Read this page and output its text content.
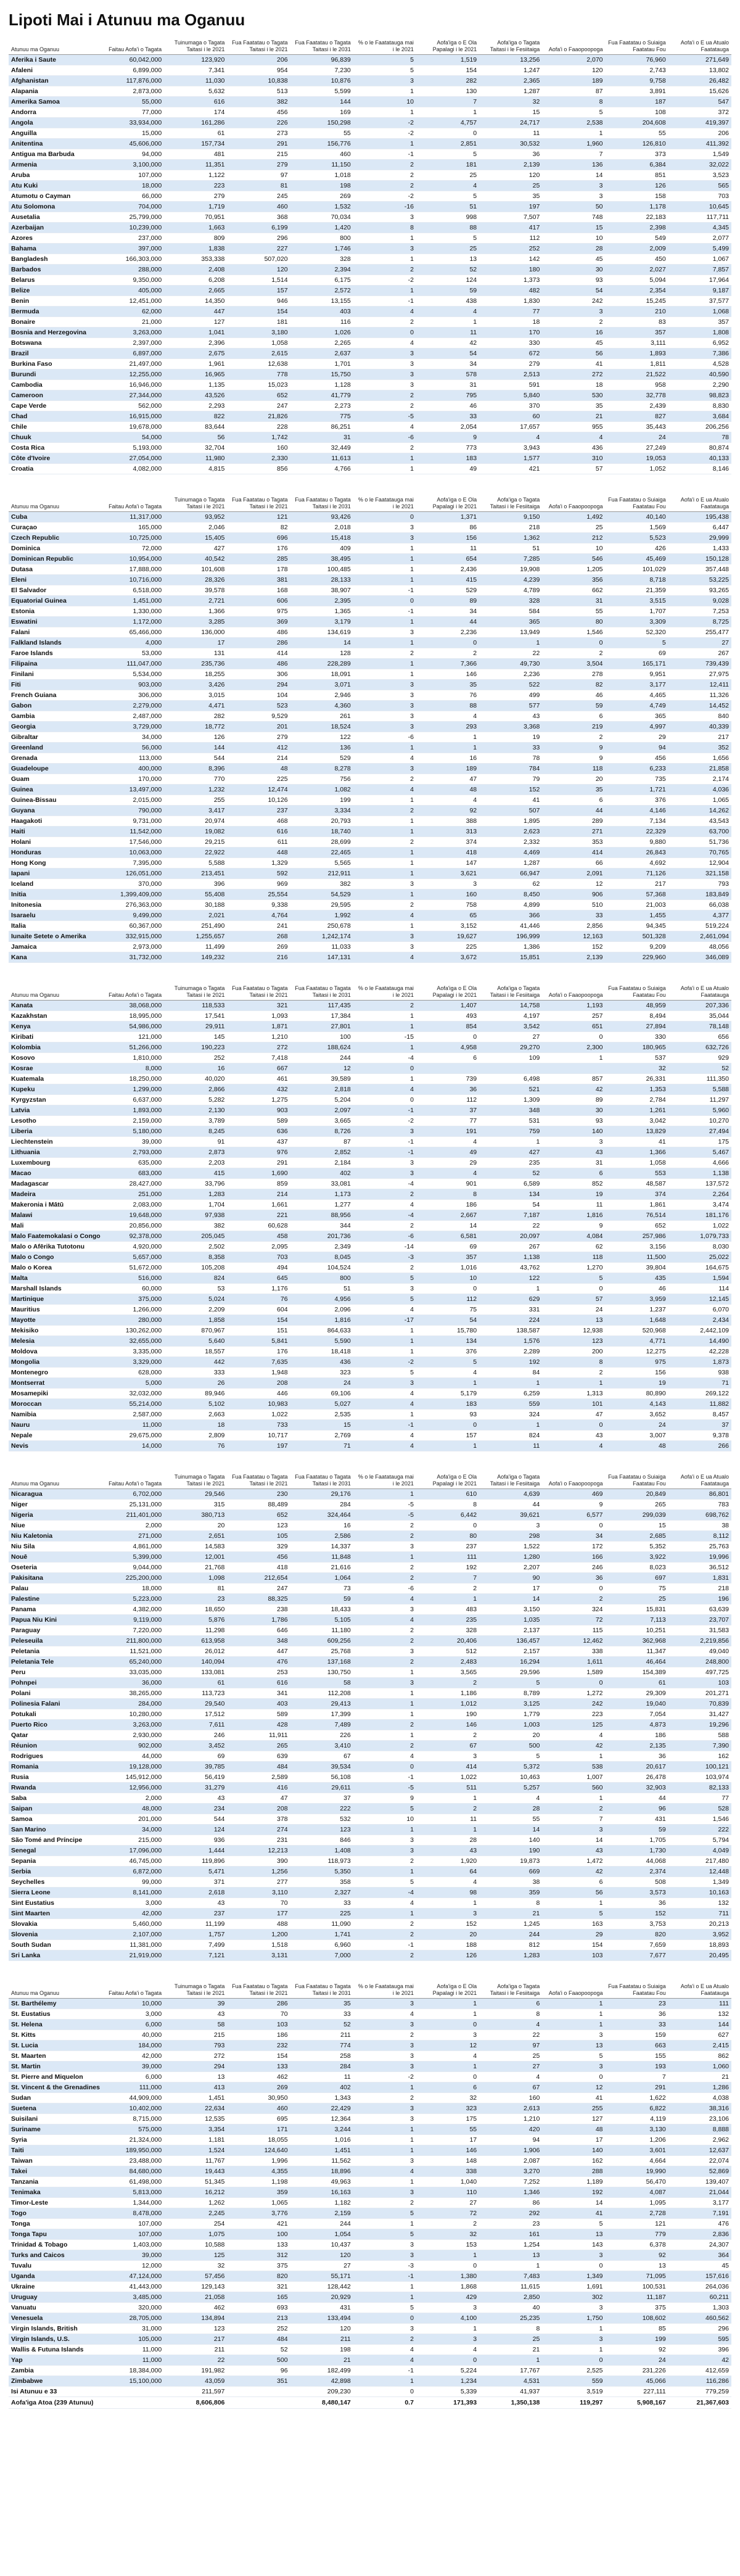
Lipoti Mai i Atunuu ma Oganuu
Atunuu ma Oganuu	Faitau Aofa'i o Tagata	Tuinumaga o Tagata Taitasi i le 2021	Fua Faatatau o Tagata Taitasi i le 2021	Fua Faatatau o Tagata Taitasi i le 2031	% o le Faatatauga mai i le 2021	Aofa'iga o E Ola Papalagi i le 2021	Aofa'iga o Tagata Taitasi i le Fesiitaiga	Aofa'i o Faaopoopoga	Fua Faatatau o Suiaiga Faatatau Fou	Aofa'i o E ua Atualo Faatatauga
Aferika i Saute	60,042,000	123,920	206	96,839	5	1,519	13,256	2,070	76,960	271,649
Afaleni	6,899,000	7,341	954	7,230	5	154	1,247	120	2,743	13,802
Afghanistan	117,876,000	11,030	10,838	10,876	3	282	2,365	189	9,758	26,482
Alapania	2,873,000	5,632	513	5,599	1	130	1,287	87	3,891	15,626
Amerika Samoa	55,000	616	382	144	10	7	32	8	187	547
Andorra	77,000	174	456	169	1	1	15	5	108	372
Angola	33,934,000	161,286	226	150,298	-2	4,757	24,717	2,538	204,608	419,397
Anguilla	15,000	61	273	55	-2	0	11	1	55	206
Anitentina	45,606,000	157,734	291	156,776	1	2,851	30,532	1,960	126,810	411,392
Antigua ma Barbuda	94,000	481	215	460	-1	5	36	7	373	1,549
Armenia	3,100,000	11,351	279	11,150	2	181	2,139	136	6,384	32,022
Aruba	107,000	1,122	97	1,018	2	25	120	14	851	3,523
Atu Kuki	18,000	223	81	198	2	4	25	3	126	565
Atumotu o Cayman	66,000	279	245	269	-2	5	35	3	158	703
Atu Solomona	704,000	1,719	460	1,532	-16	51	197	50	1,178	10,645
Ausetalia	25,799,000	70,951	368	70,034	3	998	7,507	748	22,183	117,711
Azerbaijan	10,239,000	1,663	6,199	1,420	8	88	417	15	2,398	4,345
Azores	237,000	809	296	800	1	5	112	10	549	2,077
Bahama	397,000	1,838	227	1,746	3	25	252	28	2,009	5,499
Bangladesh	166,303,000	353,338	507,020	328	1	13	142	45	450	1,067
Barbados	288,000	2,408	120	2,394	2	52	180	30	2,027	7,857
Belarus	9,350,000	6,208	1,514	6,175	-2	124	1,373	93	5,094	17,964
Belize	405,000	2,665	157	2,572	1	59	482	54	2,354	9,187
Benin	12,451,000	14,350	946	13,155	-1	438	1,830	242	15,245	37,577
Bermuda	62,000	447	154	403	4	4	77	3	210	1,068
Bonaire	21,000	127	181	116	2	1	18	2	83	357
Bosnia and Herzegovina	3,263,000	1,041	3,180	1,026	0	11	170	16	357	1,808
Botswana	2,397,000	2,396	1,058	2,265	4	42	330	45	3,111	6,952
Brazil	6,897,000	2,675	2,615	2,637	3	54	672	56	1,893	7,386
Burkina Faso	21,497,000	1,961	12,638	1,701	3	34	279	41	1,811	4,528
Burundi	12,255,000	16,965	778	15,750	3	578	2,513	272	21,522	40,590
Cambodia	16,946,000	1,135	15,023	1,128	3	31	591	18	958	2,290
Cameroon	27,344,000	43,526	652	41,779	2	795	5,840	530	32,778	98,823
Cape Verde	562,000	2,293	247	2,273	2	46	370	35	2,439	8,830
Chad	16,915,000	822	21,826	775	-5	33	60	21	827	3,684
Chile	19,678,000	83,644	228	86,251	4	2,054	17,657	955	35,443	206,256
Chuuk	54,000	56	1,742	31	-6	9	4	4	24	78
Costa Rica	5,193,000	32,704	160	32,449	2	773	3,943	436	27,249	80,874
Côte d'Ivoire	27,054,000	11,980	2,330	11,613	1	183	1,577	310	19,053	40,133
Croatia	4,082,000	4,815	856	4,766	1	49	421	57	1,052	8,146
Atunuu ma Oganuu	Faitau Aofa'i o Tagata	Tuinumaga o Tagata Taitasi i le 2021	Fua Faatatau o Tagata Taitasi i le 2021	Fua Faatatau o Tagata Taitasi i le 2031	% o le Faatatauga mai i le 2021	Aofa'iga o E Ola Papalagi i le 2021	Aofa'iga o Tagata Taitasi i le Fesiitaiga	Aofa'i o Faaopoopoga	Fua Faatatau o Suiaiga Faatatau Fou	Aofa'i o E ua Atualo Faatatauga
Cuba	11,317,000	93,952	121	93,426	0	1,371	9,150	1,492	40,140	195,438
Curaçao	165,000	2,046	82	2,018	3	86	218	25	1,569	6,447
Czech Republic	10,725,000	15,405	696	15,418	3	156	1,362	212	5,523	29,999
Dominica	72,000	427	176	409	1	11	51	10	426	1,433
Dominican Republic	10,954,000	40,542	285	38,495	1	654	7,285	546	45,469	150,128
Dutasa	17,888,000	101,608	178	100,485	1	2,436	19,908	1,205	101,029	357,448
Eleni	10,716,000	28,326	381	28,133	1	415	4,239	356	8,718	53,225
El Salvador	6,518,000	39,578	168	38,907	-1	529	4,789	662	21,359	93,265
Equatorial Guinea	1,451,000	2,721	606	2,395	0	89	328	31	3,515	9,028
Estonia	1,330,000	1,366	975	1,365	-1	34	584	55	1,707	7,253
Eswatini	1,172,000	3,285	369	3,179	1	44	365	80	3,309	8,725
Falani	65,466,000	136,000	486	134,619	3	2,236	13,949	1,546	52,320	255,477
Falkland Islands	4,000	17	286	14	1	0	1	0	5	27
Faroe Islands	53,000	131	414	128	2	2	22	2	69	267
Filipaina	111,047,000	235,736	486	228,289	1	7,366	49,730	3,504	165,171	739,439
Finilani	5,534,000	18,255	306	18,091	1	146	2,236	278	9,951	27,975
Fiti	903,000	3,426	294	3,071	3	35	522	82	3,177	12,411
French Guiana	306,000	3,015	104	2,946	3	76	499	46	4,465	11,326
Gabon	2,279,000	4,471	523	4,360	3	88	577	59	4,749	14,452
Gambia	2,487,000	282	9,529	261	3	4	43	6	365	840
Georgia	3,729,000	18,772	201	18,524	3	293	3,368	219	4,997	40,339
Gibraltar	34,000	126	279	122	-6	1	19	2	29	217
Greenland	56,000	144	412	136	1	1	33	9	94	352
Grenada	113,000	544	214	529	4	16	78	9	456	1,656
Guadeloupe	400,000	8,396	48	8,278	3	189	784	118	6,233	21,858
Guam	170,000	770	225	756	2	47	79	20	735	2,174
Guinea	13,497,000	1,232	12,474	1,082	4	48	152	35	1,721	4,036
Guinea-Bissau	2,015,000	255	10,126	199	1	4	41	6	376	1,065
Guyana	790,000	3,417	237	3,334	2	92	507	44	4,146	14,262
Haagakoti	9,731,000	20,974	468	20,793	1	388	1,895	289	7,134	43,543
Haiti	11,542,000	19,082	616	18,740	1	313	2,623	271	22,329	63,700
Holani	17,546,000	29,215	611	28,699	2	374	2,332	353	9,880	51,736
Honduras	10,063,000	22,922	448	22,465	1	418	4,469	414	26,843	70,765
Hong Kong	7,395,000	5,588	1,329	5,565	1	147	1,287	66	4,692	12,904
Iapani	126,051,000	213,451	592	212,911	1	3,621	66,947	2,091	71,126	321,158
Iceland	370,000	396	969	382	3	3	62	12	217	793
Initia	1,399,409,000	55,408	25,554	54,529	1	160	8,450	906	57,368	183,849
Initonesia	276,363,000	30,188	9,338	29,595	2	758	4,899	510	21,003	66,038
Isaraelu	9,499,000	2,021	4,764	1,992	4	65	366	33	1,455	4,377
Italia	60,367,000	251,490	241	250,678	1	3,152	41,446	2,856	94,345	519,224
Iunaite Setete o Amerika	332,915,000	1,255,657	268	1,242,174	3	19,627	196,999	12,163	501,328	2,461,094
Jamaica	2,973,000	11,499	269	11,033	3	225	1,386	152	9,209	48,056
Kana	31,732,000	149,232	216	147,131	4	3,672	15,851	2,139	229,960	346,089
Atunuu ma Oganuu	Faitau Aofa'i o Tagata	Tuinumaga o Tagata Taitasi i le 2021	Fua Faatatau o Tagata Taitasi i le 2021	Fua Faatatau o Tagata Taitasi i le 2031	% o le Faatatauga mai i le 2021	Aofa'iga o E Ola Papalagi i le 2021	Aofa'iga o Tagata Taitasi i le Fesiitaiga	Aofa'i o Faaopoopoga	Fua Faatatau o Suiaiga Faatatau Fou	Aofa'i o E ua Atualo Faatatauga
Kanata	38,068,000	118,533	321	117,435	2	1,407	14,758	1,193	48,959	207,336
Kazakhstan	18,995,000	17,541	1,093	17,384	1	493	4,197	257	8,494	35,044
Kenya	54,986,000	29,911	1,871	27,801	1	854	3,542	651	27,894	78,148
Kiribati	121,000	145	1,210	100	-15	0	27	0	330	656
Kolombia	51,266,000	190,223	272	188,624	1	4,958	29,270	2,300	180,965	632,726
Kosovo	1,810,000	252	7,418	244	-4	6	109	1	537	929
Kosrae	8,000	16	667	12	0				32	52
Kuatemala	18,250,000	40,020	461	39,589	1	739	6,498	857	26,331	111,350
Kupeku	1,299,000	2,866	432	2,818	4	36	521	42	1,353	5,588
Kyrgyzstan	6,637,000	5,282	1,275	5,204	0	112	1,309	89	2,784	11,297
Latvia	1,893,000	2,130	903	2,097	-1	37	348	30	1,261	5,960
Lesotho	2,159,000	3,789	589	3,665	-2	77	531	93	3,042	10,270
Liberia	5,180,000	8,245	636	8,726	3	191	759	140	13,829	27,494
Liechtenstein	39,000	91	437	87	-1	4	1	3	41	175
Lithuania	2,793,000	2,873	976	2,852	-1	49	427	43	1,366	5,467
Luxembourg	635,000	2,203	291	2,184	3	29	235	31	1,058	4,666
Macao	683,000	415	1,690	402	3	4	52	6	553	1,138
Madagascar	28,427,000	33,796	859	33,081	-4	901	6,589	852	48,587	137,572
Madeira	251,000	1,283	214	1,173	2	8	134	19	374	2,264
Makeronia i Mātū	2,083,000	1,704	1,661	1,277	4	186	54	11	1,861	3,474
Malawi	19,648,000	97,938	221	88,956	-4	2,667	7,187	1,816	76,514	181,176
Mali	20,856,000	382	60,628	344	2	14	22	9	652	1,022
Malo Faatemokalasi o Congo	92,378,000	205,045	458	201,736	-6	6,581	20,097	4,084	257,986	1,079,733
Malo o Afērika Tutotonu	4,920,000	2,502	2,095	2,349	-14	69	267	62	3,156	8,030
Malo o Congo	5,657,000	8,358	703	8,045	-3	357	1,138	118	11,500	25,022
Malo o Korea	51,672,000	105,208	494	104,524	2	1,016	43,762	1,270	39,804	164,675
Malta	516,000	824	645	800	5	10	122	5	435	1,594
Marshall Islands	60,000	53	1,176	51	3	0	1	0	46	114
Martinique	375,000	5,024	76	4,956	5	112	629	57	3,959	12,145
Mauritius	1,266,000	2,209	604	2,096	4	75	331	24	1,237	6,070
Mayotte	280,000	1,858	154	1,816	-17	54	224	13	1,648	2,434
Mekisiko	130,262,000	870,967	151	864,633	1	15,780	138,587	12,938	520,968	2,442,109
Melesia	32,655,000	5,640	5,841	5,590	1	134	1,576	123	4,771	14,490
Moldova	3,335,000	18,557	176	18,418	1	376	2,289	200	12,275	42,228
Mongolia	3,329,000	442	7,635	436	-2	5	192	8	975	1,873
Montenegro	628,000	333	1,948	323	5	4	84	2	156	938
Montserrat	5,000	26	208	24	3	1	1	1	19	71
Mosamepiki	32,032,000	89,946	446	69,106	4	5,179	6,259	1,313	80,890	269,122
Moroccan	55,214,000	5,102	10,983	5,027	4	183	559	101	4,143	11,882
Namibia	2,587,000	2,663	1,022	2,535	1	93	324	47	3,652	8,457
Nauru	11,000	18	733	15	-1	0	1	0	24	37
Nepale	29,675,000	2,809	10,717	2,769	4	157	824	43	3,007	9,378
Nevis	14,000	76	197	71	4	1	11	4	48	266
Atunuu ma Oganuu	Faitau Aofa'i o Tagata	Tuinumaga o Tagata Taitasi i le 2021	Fua Faatatau o Tagata Taitasi i le 2021	Fua Faatatau o Tagata Taitasi i le 2031	% o le Faatatauga mai i le 2021	Aofa'iga o E Ola Papalagi i le 2021	Aofa'iga o Tagata Taitasi i le Fesiitaiga	Aofa'i o Faaopoopoga	Fua Faatatau o Suiaiga Faatatau Fou	Aofa'i o E ua Atualo Faatatauga
Nicaragua	6,702,000	29,546	230	29,176	1	610	4,639	469	20,849	86,801
Niger	25,131,000	315	88,489	284	-5	8	44	9	265	783
Nigeria	211,401,000	380,713	652	324,464	-5	6,442	39,621	6,577	299,039	698,762
Niue	2,000	20	123	16	2	0	3	0	15	38
Niu Kaletonia	271,000	2,651	105	2,586	2	80	298	34	2,685	8,112
Niu Sila	4,861,000	14,583	329	14,337	3	237	1,522	172	5,352	25,763
Nouē	5,399,000	12,001	456	11,848	1	111	1,280	166	3,922	19,996
Oseteria	9,044,000	21,768	418	21,616	2	192	2,207	246	8,023	36,512
Pakisitana	225,200,000	1,098	212,654	1,064	2	7	90	36	697	1,831
Palau	18,000	81	247	73	-6	2	17	0	75	218
Palestine	5,223,000	23	88,325	59	4	1	14	2	25	196
Panama	4,382,000	18,650	238	18,433	3	483	3,150	324	15,831	63,639
Papua Niu Kini	9,119,000	5,876	1,786	5,105	4	235	1,035	72	7,113	23,707
Paraguay	7,220,000	11,298	646	11,180	2	328	2,137	115	10,251	31,583
Peleseuila	211,800,000	613,958	348	609,256	2	20,406	136,457	12,462	362,968	2,219,856
Peletania	11,521,000	26,012	447	25,768	3	512	2,157	338	11,347	49,040
Peletania Tele	65,240,000	140,094	476	137,168	2	2,483	16,294	1,611	46,464	248,800
Peru	33,035,000	133,081	253	130,750	1	3,565	29,596	1,589	154,389	497,725
Pohnpei	36,000	61	616	58	3	2	5	0	61	103
Polani	38,265,000	113,723	341	112,208	1	1,186	8,789	1,272	29,309	201,271
Polinesia Falani	284,000	29,540	403	29,413	1	1,012	3,125	242	19,040	70,839
Potukali	10,280,000	17,512	589	17,399	1	190	1,779	223	7,054	31,427
Puerto Rico	3,263,000	7,611	428	7,489	2	146	1,003	125	4,873	19,296
Qatar	2,930,000	246	11,911	226	1	2	20	4	186	588
Réunion	902,000	3,452	265	3,410	2	67	500	42	2,135	7,390
Rodrigues	44,000	69	639	67	4	3	5	1	36	162
Romania	19,128,000	39,785	484	39,534	0	414	5,372	538	20,617	100,121
Rusia	145,912,000	56,419	2,589	56,108	-1	1,022	10,463	1,007	26,478	103,974
Rwanda	12,956,000	31,279	416	29,611	-5	511	5,257	560	32,903	82,133
Saba	2,000	43	47	37	9	1	4	1	44	77
Saipan	48,000	234	208	222	5	2	28	2	96	528
Samoa	201,000	544	378	532	10	11	55	7	431	1,546
San Marino	34,000	124	274	123	1	1	14	3	59	222
São Tomé and Príncipe	215,000	936	231	846	3	28	140	14	1,705	5,794
Senegal	17,096,000	1,444	12,213	1,408	3	43	190	43	1,730	4,049
Sepania	46,745,000	119,896	390	118,973	2	1,920	19,873	1,472	44,068	217,480
Serbia	6,872,000	5,471	1,256	5,350	1	64	669	42	2,374	12,448
Seychelles	99,000	371	277	358	5	4	38	6	508	1,349
Sierra Leone	8,141,000	2,618	3,110	2,327	-4	98	359	56	3,573	10,163
Sint Eustatius	3,000	43	70	33	4	1	8	1	36	132
Sint Maarten	42,000	237	177	225	1	3	21	5	152	711
Slovakia	5,460,000	11,199	488	11,090	2	152	1,245	163	3,753	20,213
Slovenia	2,107,000	1,757	1,200	1,741	2	20	244	29	820	3,952
South Sudan	11,381,000	7,499	1,518	6,960	-1	188	812	154	7,659	18,893
Sri Lanka	21,919,000	7,121	3,131	7,000	2	126	1,283	103	7,677	20,495
Atunuu ma Oganuu	Faitau Aofa'i o Tagata	Tuinumaga o Tagata Taitasi i le 2021	Fua Faatatau o Tagata Taitasi i le 2021	Fua Faatatau o Tagata Taitasi i le 2031	% o le Faatatauga mai i le 2021	Aofa'iga o E Ola Papalagi i le 2021	Aofa'iga o Tagata Taitasi i le Fesiitaiga	Aofa'i o Faaopoopoga	Fua Faatatau o Suiaiga Faatatau Fou	Aofa'i o E ua Atualo Faatatauga
St. Barthélemy	10,000	39	286	35	3	1	6	1	23	111
St. Eustatius	3,000	43	70	33	4	1	8	1	36	132
St. Helena	6,000	58	103	52	3	0	4	1	33	144
St. Kitts	40,000	215	186	211	2	3	22	3	159	627
St. Lucia	184,000	793	232	774	3	12	97	13	663	2,415
St. Maarten	42,000	272	154	258	3	4	25	5	155	862
St. Martin	39,000	294	133	284	3	1	27	3	193	1,060
St. Pierre and Miquelon	6,000	13	462	11	-2	0	4	0	7	21
St. Vincent & the Grenadines	111,000	413	269	402	1	6	67	12	291	1,286
Sudan	44,909,000	1,451	30,950	1,343	2	32	160	41	1,622	4,038
Suetena	10,402,000	22,634	460	22,429	3	323	2,613	255	6,822	38,316
Suisilani	8,715,000	12,535	695	12,364	3	175	1,210	127	4,119	23,106
Suriname	575,000	3,354	171	3,244	1	55	420	48	3,130	8,888
Syria	21,324,000	1,181	18,055	1,016	1	17	94	17	1,206	2,962
Taiti	189,950,000	1,524	124,640	1,451	1	146	1,906	140	3,601	12,637
Taiwan	23,488,000	11,767	1,996	11,562	3	148	2,087	162	4,664	22,074
Takei	84,680,000	19,443	4,355	18,896	4	338	3,270	288	19,990	52,869
Tanzania	61,498,000	51,345	1,198	49,963	1	1,040	7,252	1,189	56,470	139,407
Tenimaka	5,813,000	16,212	359	16,163	3	110	1,346	192	4,087	21,044
Timor-Leste	1,344,000	1,262	1,065	1,182	2	27	86	14	1,095	3,177
Togo	8,478,000	2,245	3,776	2,159	5	72	292	41	2,728	7,191
Tonga	107,000	254	421	244	1	2	23	5	121	476
Tonga Tapu	107,000	1,075	100	1,054	5	32	161	13	779	2,836
Trinidad & Tobago	1,403,000	10,588	133	10,437	3	153	1,254	143	6,378	24,307
Turks and Caicos	39,000	125	312	120	3	1	13	3	92	364
Tuvalu	12,000	32	375	27	-3	0	1	0	13	45
Uganda	47,124,000	57,456	820	55,171	-1	1,380	7,483	1,349	71,095	157,616
Ukraine	41,443,000	129,143	321	128,442	1	1,868	11,615	1,691	100,531	264,036
Uruguay	3,485,000	21,058	165	20,929	1	429	2,850	302	11,187	60,211
Vanuatu	320,000	462	693	431	5	3	40	3	375	1,303
Venesuela	28,705,000	134,894	213	133,494	0	4,100	25,235	1,750	108,602	460,562
Virgin Islands, British	31,000	123	252	120	3	1	8	1	85	296
Virgin Islands, U.S.	105,000	217	484	211	2	3	25	3	199	595
Wallis & Futuna Islands	11,000	211	52	198	4	4	21	1	92	396
Yap	11,000	22	500	21	4	0	1	0	24	42
Zambia	18,384,000	191,982	96	182,499	-1	5,224	17,767	2,525	231,226	412,659
Zimbabwe	15,100,000	43,059	351	42,898	1	1,234	4,531	559	45,066	116,286
Isi Atunuu e 33		211,597		209,230	0	5,339	41,937	3,519	227,111	779,259
Aofa'iga Atoa (239 Atunuu)		8,606,806		8,480,147	0.7	171,393	1,350,138	119,297	5,908,167	21,367,603
